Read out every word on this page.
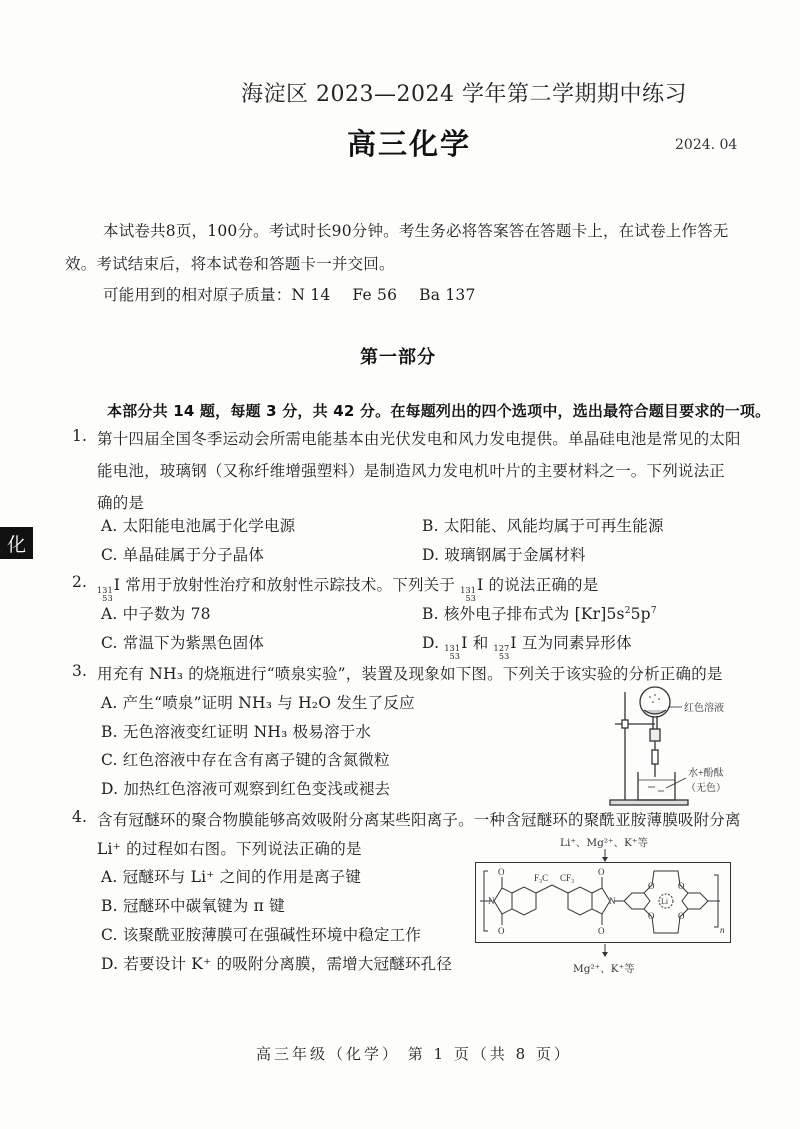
海淀区 2023—2024 学年第二学期期中练习
高三化学	2024. 04
本试卷共8页，100分。考试时长90分钟。考生务必将答案答在答题卡上，在试卷上作答无
效。考试结束后，将本试卷和答题卡一并交回。
可能用到的相对原子质量：N 14 Fe 56 Ba 137
第一部分
本部分共 14 题，每题 3 分，共 42 分。在每题列出的四个选项中，选出最符合题目要求的一项。
化
1. 第十四届全国冬季运动会所需电能基本由光伏发电和风力发电提供。单晶硅电池是常见的太阳
能电池，玻璃钢（又称纤维增强塑料）是制造风力发电机叶片的主要材料之一。下列说法正
确的是
A. 太阳能电池属于化学电源	B. 太阳能、风能均属于可再生能源
C. 单晶硅属于分子晶体	D. 玻璃钢属于金属材料
2. 131
53
I 常用于放射性治疗和放射性示踪技术。下列关于 131
53
I 的说法正确的是
A. 中子数为 78	B. 核外电子排布式为 $[Kr]5s^25p^7$
C. 常温下为紫黑色固体	D. 131
53
I 和 127
53
I 互为同素异形体
3. 用充有 NH₃ 的烧瓶进行“喷泉实验”，装置及现象如下图。下列关于该实验的分析正确的是
A. 产生“喷泉”证明 NH₃ 与 H₂O 发生了反应
B. 无色溶液变红证明 NH₃ 极易溶于水
C. 红色溶液中存在含有离子键的含氮微粒
D. 加热红色溶液可观察到红色变浅或褪去
红色溶液
水+酚酞
（无色）
4. 含有冠醚环的聚合物膜能够高效吸附分离某些阳离子。一种含冠醚环的聚酰亚胺薄膜吸附分离
Li⁺ 的过程如右图。下列说法正确的是
A. 冠醚环与 Li⁺ 之间的作用是离子键
B. 冠醚环中碳氧键为 π 键
C. 该聚酰亚胺薄膜可在强碱性环境中稳定工作
D. 若要设计 K⁺ 的吸附分离膜，需增大冠醚环孔径
Li⁺、Mg²⁺、K⁺等
O
O
N
F₃C CF₃
O
O
N
O	O
O	O
Li
n
Mg²⁺、K⁺等
高三年级（化学） 第 1 页（共 8 页）
